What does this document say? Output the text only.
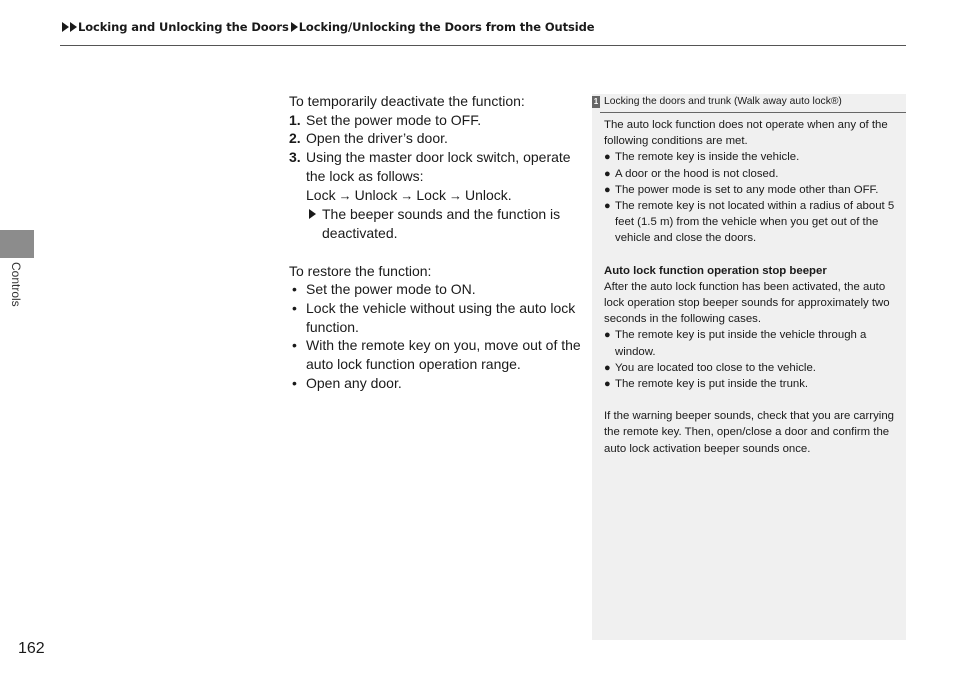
Locking and Unlocking the Doors Locking/Unlocking the Doors from the Outside
Controls
162
To temporarily deactivate the function:
1. Set the power mode to OFF.
2. Open the driver’s door.
3. Using the master door lock switch, operate the lock as follows:
Lock → Unlock → Lock → Unlock.
The beeper sounds and the function is deactivated.
To restore the function:
• Set the power mode to ON.
• Lock the vehicle without using the auto lock function.
• With the remote key on you, move out of the auto lock function operation range.
• Open any door.
1 Locking the doors and trunk (Walk away auto lock®)
The auto lock function does not operate when any of the following conditions are met.
● The remote key is inside the vehicle.
● A door or the hood is not closed.
● The power mode is set to any mode other than OFF.
● The remote key is not located within a radius of about 5 feet (1.5 m) from the vehicle when you get out of the vehicle and close the doors.
Auto lock function operation stop beeper
After the auto lock function has been activated, the auto lock operation stop beeper sounds for approximately two seconds in the following cases.
● The remote key is put inside the vehicle through a window.
● You are located too close to the vehicle.
● The remote key is put inside the trunk.
If the warning beeper sounds, check that you are carrying the remote key. Then, open/close a door and confirm the auto lock activation beeper sounds once.
